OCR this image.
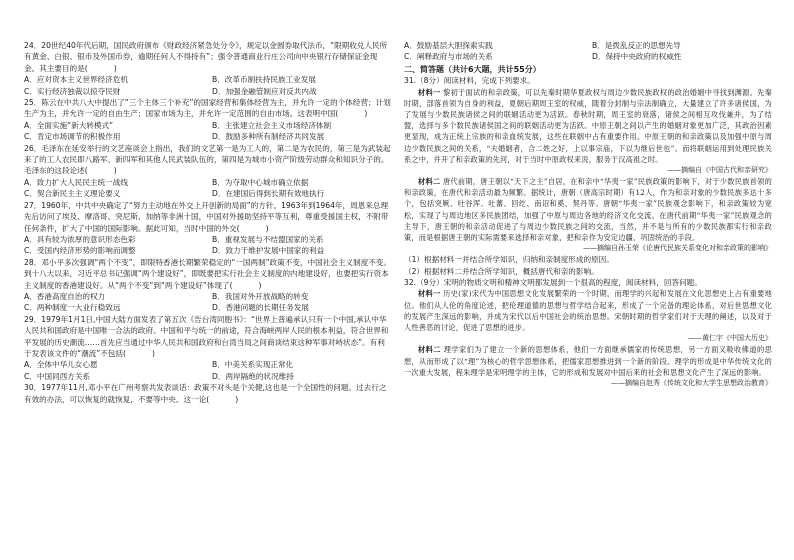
24．20世纪40年代后期，国民政府颁布《财政经济紧急处分令》，规定以金圆券取代法币，“限期收兑人民所有黄金、白银、银币及外国币券，逾期任何人不得持有”；强令普通商业行庄公司向中央银行存储保证金现金。其主要目的是(	)

A．应对资本主义世界经济危机	B．改革币制扶持民族工业发展
C．实行经济独裁以掠夺民财	D．加强金融管制应对反共内战

25．陈云在中共八大中提出了“三个主体三个补充”的国家经营和集体经营为主，并允许一定的个体经营；计划生产为主，并允许一定的自由生产；国家市场为主，并允许一定范围的自由市场。这表明中国(	)

A．全面实施“新大转模式”	B．主张建立社会主义市场经济体制
C．肯定市场调节的积极作用	D．鼓励多种所有制经济共同发展

26．毛泽东在延安举行的文艺座谈会上指出，我们的文艺第一是为工人的，第二是为农民的，第三是为武装起来了的工人农民即八路军、新四军和其他人民武装队伍的，第四是为城市小资产阶级劳动群众和知识分子的。毛泽东的这段论述(	)

A．致力扩大人民民主统一战线	B．为夺取中心城市确立依据
C．契合新民主主义理论要义	D．在建国后得到长期有效地执行

27．1960年，中共中央确定了“努力主动地在外交上开创新的局面”的方针。1963年到1964年，周恩来总理先后访问了埃及、摩洛哥、突尼斯、加纳等非洲十国，中国对外援助坚持平等互利，尊重受援国主权，不附带任何条件，扩大了中国的国际影响。据此可知，当时中国的外交(	)

A．具有较为浓厚的意识形态色彩	B．重视发展与不结盟国家的关系
C．受国内经济形势的影响而调整	D．致力于维护发展中国家的利益

28．邓小平多次强调“两个不变”，即限特香港长期繁荣稳定的“一国两制”政策不变，中国社会主义制度不变。到十八大以来，习近平总书记强调“两个建设好”，即既要把实行社会主义制度的内地建设好，也要把实行资本主义制度的香港建设好。从“两个不变”到“两个建设好”体现了(	)

A．香港高度自治的权力	B．我国对外开放战略的转变
C．两种制度一大业行稳致远	D．香港问题的长期任务发展

29．1979年1月1日,中国大陆方面发表了第五次《告台湾同胞书》：“世界上普遍承认只有一个中国,承认中华人民共和国政府是中国唯一合法的政府。中国和平与统一的前途，符合海峡两岸人民的根本利益，符合世界和平发展的历史潮流……首先应当通过中华人民共和国政府和台湾当局之间商谈结束这种军事对峙状态”。有利于发表该文件的“潮流”不包括(	)

A．全体中华儿女心愿	B．中美关系实现正常化
C．中国同西方关系	D．两岸隔绝的状况维持

30．1977年11月,邓小平在广州考察共发表谈话：政策不对头是个关健,这也是一个全国性的问题。过去行之有效的办法，可以恢复的就恢复，不要等中央。这一论(	)

A．鼓励基层大胆探索实践	B．是拨乱反正的思想先导
C．阐释政府与市场的关系	D．保持中央政府的权威性

二、简答题（共计6大题，共计55分）

31.（8分）阅读材料，完成下列要求。

材料一 黎初于面试的和亲政策，可以先秦时期华夏政权与周边少数民族政权的政治婚姻中寻找到渊源。先秦时期，部落首领为自身的利益，夏朝后期周王室的权威，随着分封制与宗法制确立，大量建立了许多诸侯国，为了发展与少数民族诸侯之间的联姻活动更为活跃。春秋时期，周王室的衰落，诸侯之间相互攻伐兼并，为了结盟，选择与多个数民族诸侯国之间的联姻活动更为活跃。中原王朝之间以产生的婚姻对象更加广泛，其政治因素更显现，成为正统上宗族的和亲血统发展，这些在联姻中占有重要作用。中原王朝的和亲政策以及加强中原与周边少数民族之间的关系，“夫婚姻者，合二姓之好，上以事宗庙，下以为继后世也”。而将联姻运用到处理民族关系之中，并开了和亲政策的先河，对于当时中原政权来说，服务于汉高祖之时。

——摘编自《中国古代和亲研究》

材料二 唐代前期，唐王朝以“天下之主”自居，在和亲中“华夷一家”民族政策的影响下，对于少数民族首领的和亲政策，在唐代和亲活动最为频繁。据统计，唐朝（唐高宗时期）有12人，作为和亲对象的少数民族多达十多个，包括突厥、吐谷浑、吐蕃、回纥、南诏和奚、契丹等。唐朝“华夷一家”民族观念影响下，和亲政策较为宽松，实现了与周边地区多民族团结，加强了中原与周边各地的经济文化交流。在唐代前期“华夷一家”民族观念的主导下，唐王朝的和亲活动促进了与周边少数民族之间的交流，当然，并不是与所有的少数民族都实行和亲政策，而是根据唐王朝的实际需要来选择和亲对象，把和亲作为安定边疆、巩固统治的手段。

——摘编自孙玉荣《论唐代民族关系变化对和亲政策的影响》

（1）根据材料一并结合所学知识，归纳和亲制度形成的原因。

（2）根据材料二并结合所学知识，概括唐代和亲的影响。

32.（9分）宋明的物质文明和精神文明都发展到一个很高的程度，阅读材料，回答问题。

材料一 历史(家)宋代为中国思想文化发展繁荣的一个时期，而理学的兴起和发展在文化思想史上占有重要地位。他们从人伦的角度论述，把伦理道德的思想与哲学结合起来，形成了一个完备的理论体系，对后世思想文化的发展产生深远的影响，并成为宋代以后中国社会的统治思想。宋朝时期的哲学家们对于天理的阐述，以及对于人性善恶的讨论，促进了思想的进步。

——黄仁宇《中国大历史》

材料二 理学家们为了建立一个新的思想体系，他们一方面继承儒家的传统思想，另一方面又吸收佛道的思想，从而形成了以“理”为核心的哲学思想体系，把儒家思想推进到一个新的阶段。理学的形成是中华传统文化的一次重大发展，程朱理学是宋明理学的主体，它的形成和发展对中国后来的社会和思想文化产生了深远的影响。

——摘编自赵秀《传统文化和大学生思想政治教育》
